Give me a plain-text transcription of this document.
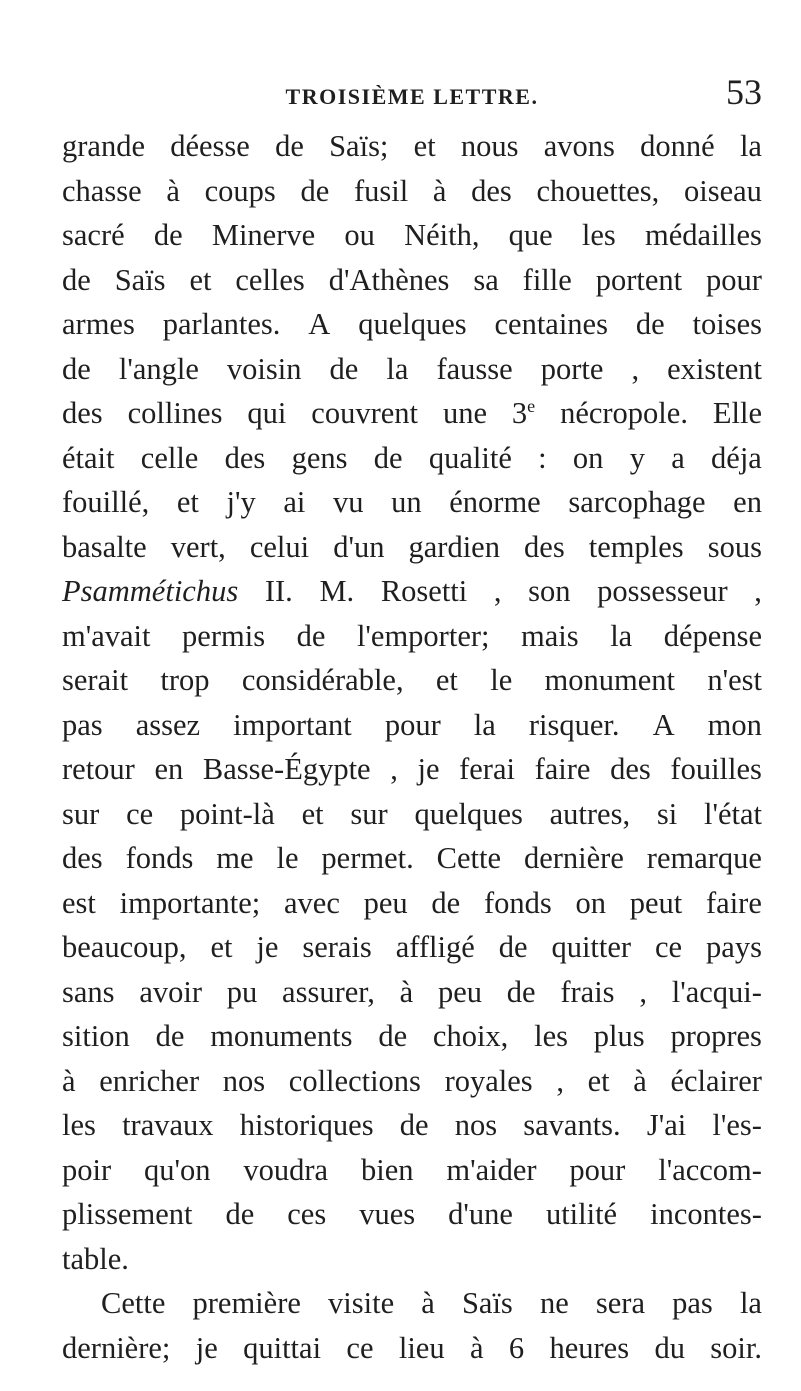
TROISIÈME LETTRE.	53
grande déesse de Saïs; et nous avons donné la
chasse à coups de fusil à des chouettes, oiseau
sacré de Minerve ou Néith, que les médailles
de Saïs et celles d'Athènes sa fille portent pour
armes parlantes. A quelques centaines de toises
de l'angle voisin de la fausse porte , existent
des collines qui couvrent une 3e nécropole. Elle
était celle des gens de qualité : on y a déja
fouillé, et j'y ai vu un énorme sarcophage en
basalte vert, celui d'un gardien des temples sous
Psammétichus II. M. Rosetti , son possesseur ,
m'avait permis de l'emporter; mais la dépense
serait trop considérable, et le monument n'est
pas assez important pour la risquer. A mon
retour en Basse-Égypte , je ferai faire des fouilles
sur ce point-là et sur quelques autres, si l'état
des fonds me le permet. Cette dernière remarque
est importante; avec peu de fonds on peut faire
beaucoup, et je serais affligé de quitter ce pays
sans avoir pu assurer, à peu de frais , l'acqui-
sition de monuments de choix, les plus propres
à enricher nos collections royales , et à éclairer
les travaux historiques de nos savants. J'ai l'es-
poir qu'on voudra bien m'aider pour l'accom-
plissement de ces vues d'une utilité incontes-
table.
Cette première visite à Saïs ne sera pas la
dernière; je quittai ce lieu à 6 heures du soir.
